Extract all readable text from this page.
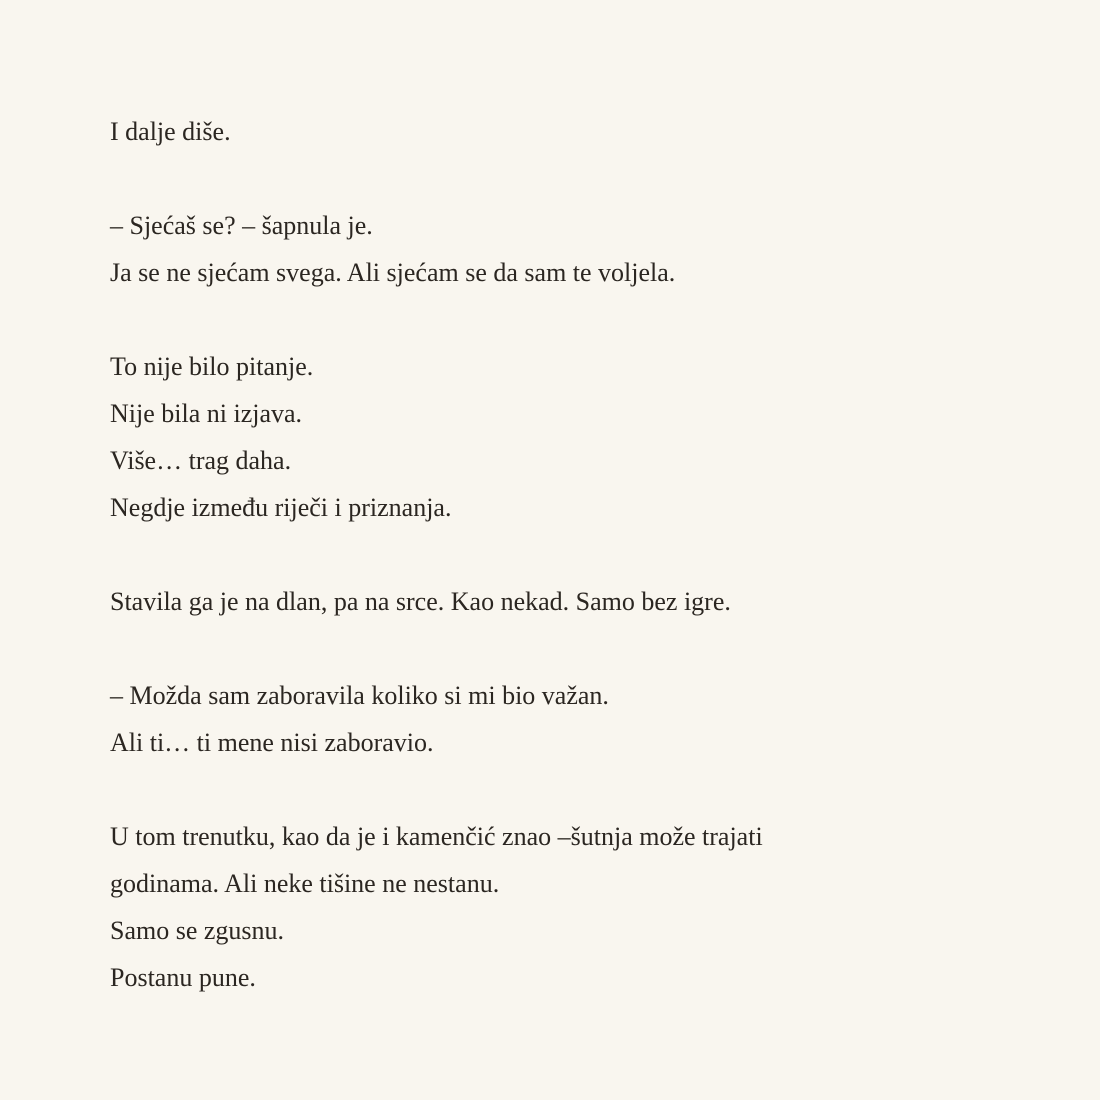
I dalje diše.
– Sjećaš se? – šapnula je.
Ja se ne sjećam svega. Ali sjećam se da sam te voljela.
To nije bilo pitanje.
Nije bila ni izjava.
Više… trag daha.
Negdje između riječi i priznanja.
Stavila ga je na dlan, pa na srce. Kao nekad. Samo bez igre.
– Možda sam zaboravila koliko si mi bio važan.
Ali ti… ti mene nisi zaboravio.
U tom trenutku, kao da je i kamenčić znao –šutnja može trajati
godinama. Ali neke tišine ne nestanu.
Samo se zgusnu.
Postanu pune.
